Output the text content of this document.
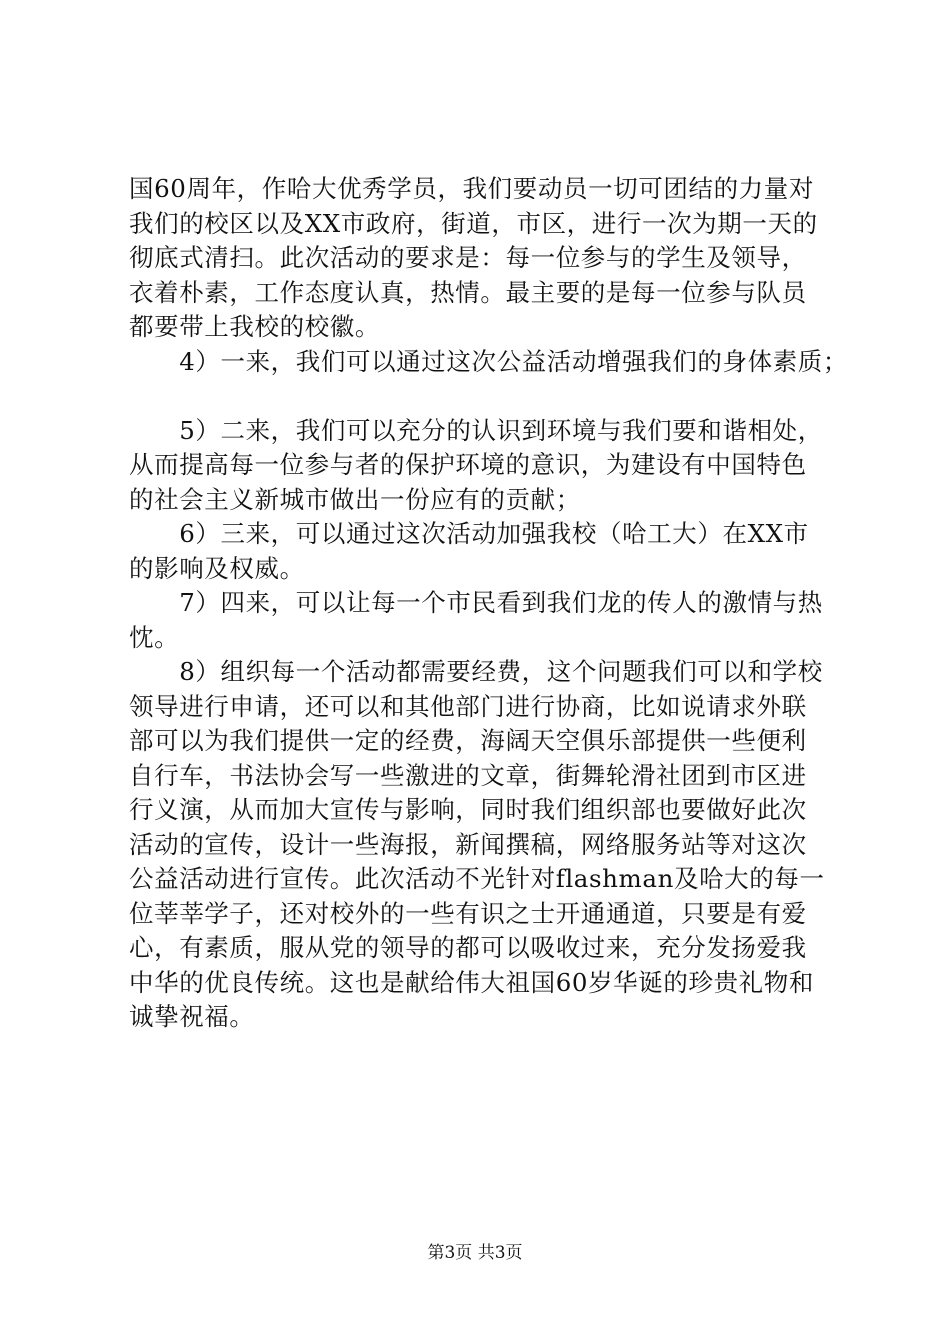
国60周年，作哈大优秀学员，我们要动员一切可团结的力量对
我们的校区以及XX市政府，街道，市区，进行一次为期一天的
彻底式清扫。此次活动的要求是：每一位参与的学生及领导，
衣着朴素，工作态度认真，热情。最主要的是每一位参与队员
都要带上我校的校徽。
　　4）一来，我们可以通过这次公益活动增强我们的身体素质；
　　5）二来，我们可以充分的认识到环境与我们要和谐相处，
从而提高每一位参与者的保护环境的意识，为建设有中国特色
的社会主义新城市做出一份应有的贡献；
　　6）三来，可以通过这次活动加强我校（哈工大）在XX市
的影响及权威。
　　7）四来，可以让每一个市民看到我们龙的传人的激情与热
忱。
　　8）组织每一个活动都需要经费，这个问题我们可以和学校
领导进行申请，还可以和其他部门进行协商，比如说请求外联
部可以为我们提供一定的经费，海阔天空俱乐部提供一些便利
自行车，书法协会写一些激进的文章，街舞轮滑社团到市区进
行义演，从而加大宣传与影响，同时我们组织部也要做好此次
活动的宣传，设计一些海报，新闻撰稿，网络服务站等对这次
公益活动进行宣传。此次活动不光针对flashman及哈大的每一
位莘莘学子，还对校外的一些有识之士开通通道，只要是有爱
心，有素质，服从党的领导的都可以吸收过来，充分发扬爱我
中华的优良传统。这也是献给伟大祖国60岁华诞的珍贵礼物和
诚挚祝福。
第3页 共3页
